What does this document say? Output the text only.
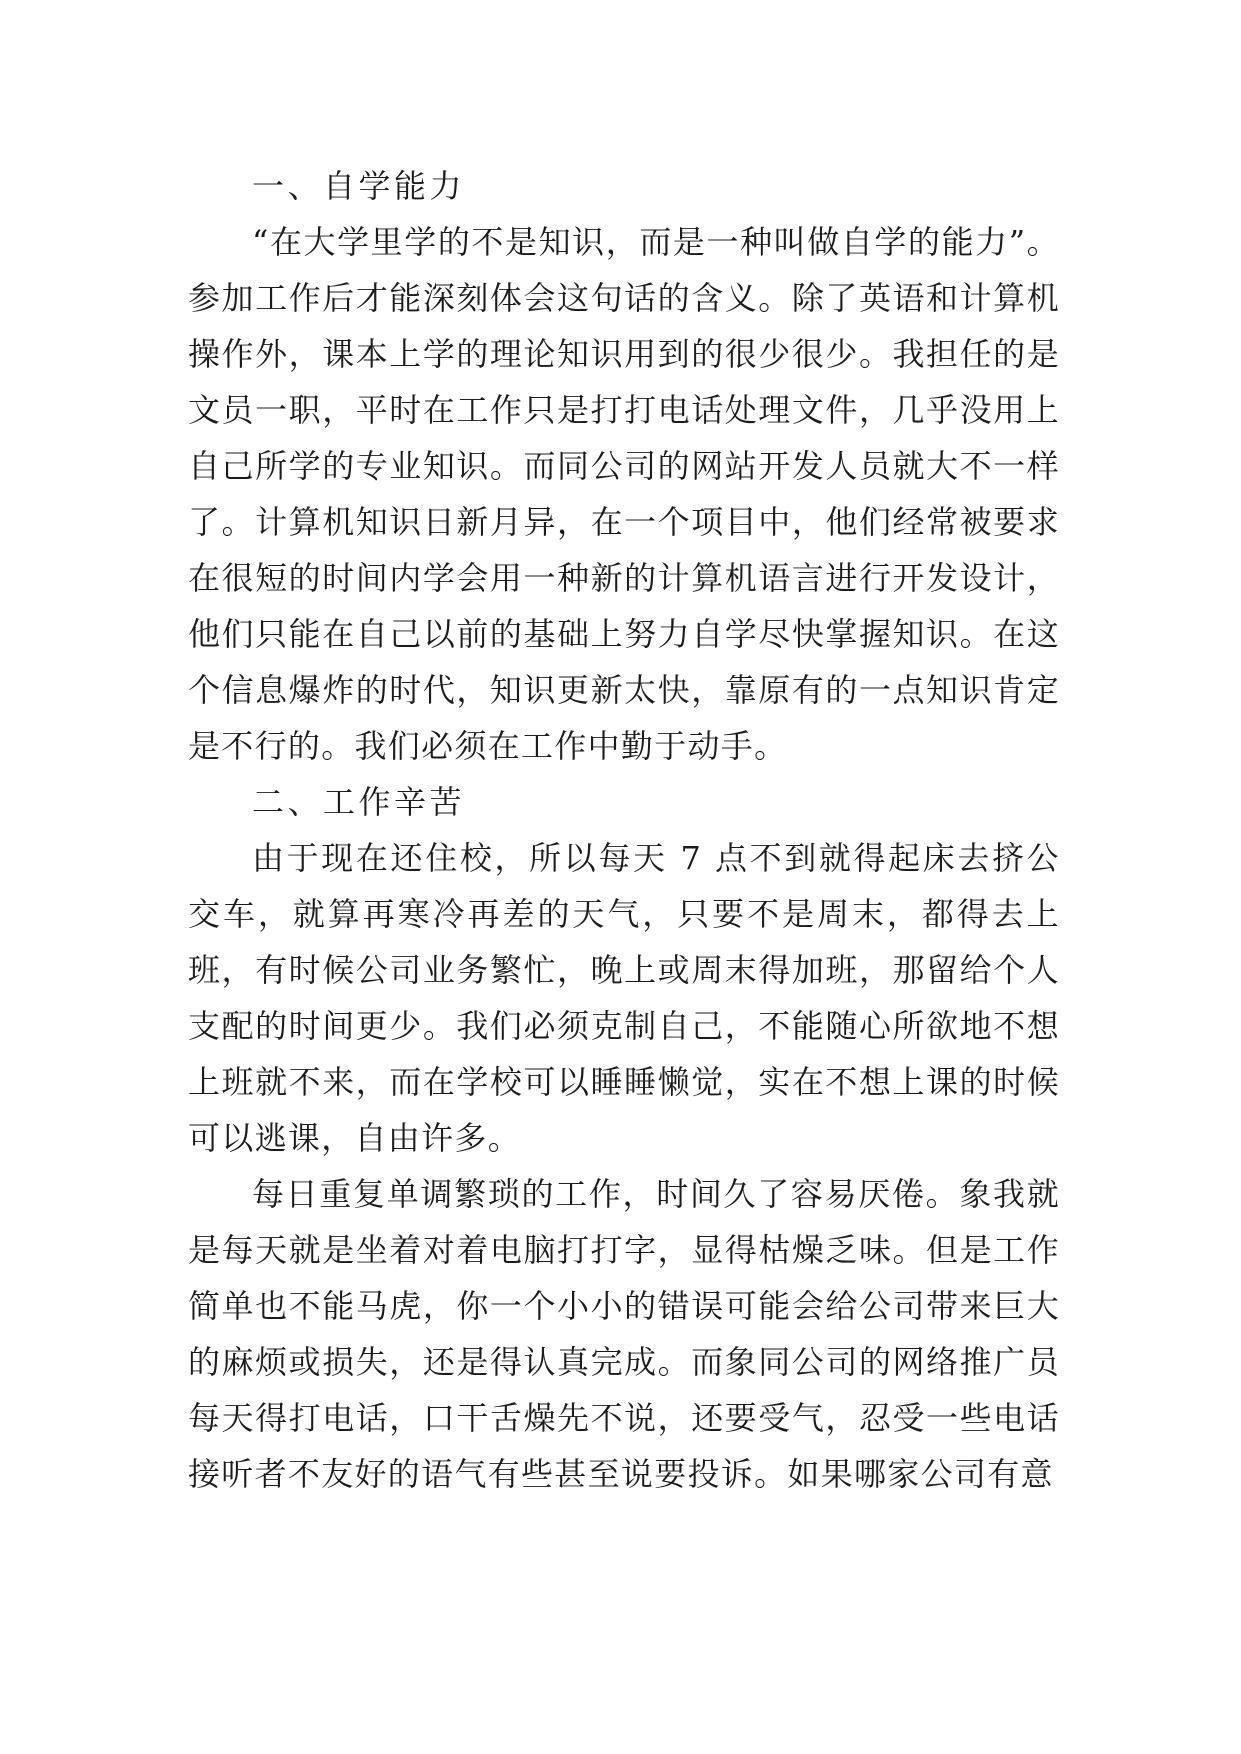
一、自学能力

“在大学里学的不是知识，而是一种叫做自学的能力”。参加工作后才能深刻体会这句话的含义。除了英语和计算机操作外，课本上学的理论知识用到的很少很少。我担任的是文员一职，平时在工作只是打打电话处理文件，几乎没用上自己所学的专业知识。而同公司的网站开发人员就大不一样了。计算机知识日新月异，在一个项目中，他们经常被要求在很短的时间内学会用一种新的计算机语言进行开发设计，他们只能在自己以前的基础上努力自学尽快掌握知识。在这个信息爆炸的时代，知识更新太快，靠原有的一点知识肯定是不行的。我们必须在工作中勤于动手。

二、工作辛苦

由于现在还住校，所以每天 7 点不到就得起床去挤公交车，就算再寒冷再差的天气，只要不是周末，都得去上班，有时候公司业务繁忙，晚上或周末得加班，那留给个人支配的时间更少。我们必须克制自己，不能随心所欲地不想上班就不来，而在学校可以睡睡懒觉，实在不想上课的时候可以逃课，自由许多。

每日重复单调繁琐的工作，时间久了容易厌倦。象我就是每天就是坐着对着电脑打打字，显得枯燥乏味。但是工作简单也不能马虎，你一个小小的错误可能会给公司带来巨大的麻烦或损失，还是得认真完成。而象同公司的网络推广员每天得打电话，口干舌燥先不说，还要受气，忍受一些电话接听者不友好的语气有些甚至说要投诉。如果哪家公司有意
